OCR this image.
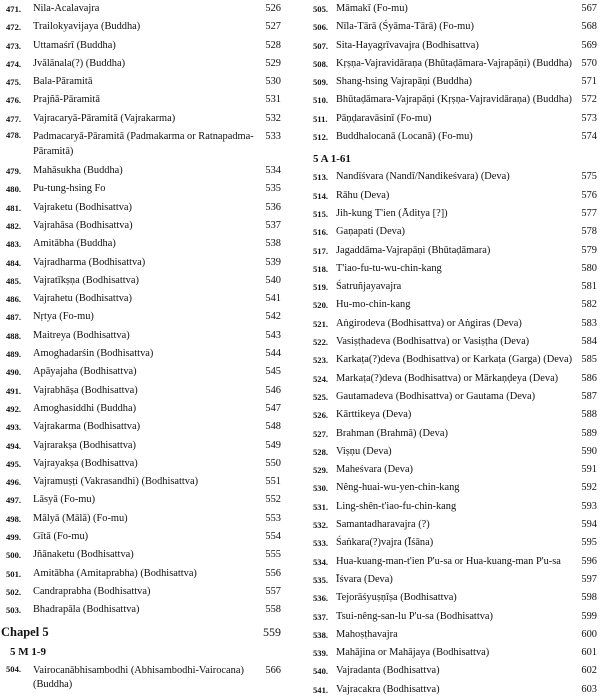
471. Nila-Acalavajra	526
472. Trailokyavijaya (Buddha)	527
473. Uttamaśrī (Buddha)	528
474. Jvālānala(?) (Buddha)	529
475. Bala-Pāramitā	530
476. Prajñā-Pāramitā	531
477. Vajracaryā-Pāramitā (Vajrakarma)	532
478. Padmacaryā-Pāramitā (Padmakarma or Ratnapadma-Pāramitā)
533
479. Mahāsukha (Buddha)	534
480. Pu-tung-hsing Fo	535
481. Vajraketu (Bodhisattva)	536
482. Vajrahāsa (Bodhisattva)	537
483. Amitābha (Buddha)	538
484. Vajradharma (Bodhisattva)	539
485. Vajratīkṣṇa (Bodhisattva)	540
486. Vajrahetu (Bodhisattva)	541
487. Nṛtya (Fo-mu)	542
488. Maitreya (Bodhisattva)	543
489. Amoghadarśin (Bodhisattva)	544
490. Apāyajaha (Bodhisattva)	545
491. Vajrabhāṣa (Bodhisattva)	546
492. Amoghasiddhi (Buddha)	547
493. Vajrakarma (Bodhisattva)	548
494. Vajrarakṣa (Bodhisattva)	549
495. Vajrayakṣa (Bodhisattva)	550
496. Vajramuṣṭi (Vakrasandhi) (Bodhisattva)	551
497. Lāsyā (Fo-mu)	552
498. Mālyā (Mālā) (Fo-mu)	553
499. Gītā (Fo-mu)	554
500. Jñānaketu (Bodhisattva)	555
501. Amitābha (Amitaprabha) (Bodhisattva)	556
502. Candraprabha (Bodhisattva)	557
503. Bhadrapāla (Bodhisattva)	558
Chapel 5	559
5 M 1-9
504. Vairocanābhisambodhi (Abhisambodhi-Vairocana) (Buddha)
566
505. Māmakī (Fo-mu)	567
506. Nīla-Tārā (Śyāma-Tārā) (Fo-mu)	568
507. Sita-Hayagrīvavajra (Bodhisattva)	569
508. Kṛṣṇa-Vajravidāraṇa (Bhūtaḍāmara-Vajrapāṇi) (Buddha) 570
509. Shang-hsing Vajrapāṇi (Buddha)	571
510. Bhūtaḍāmara-Vajrapāṇi (Kṛṣṇa-Vajravidāraṇa) (Buddha) 572
511. Pāṇḍaravāsinī (Fo-mu)	573
512. Buddhalocanā (Locanā) (Fo-mu)	574
5 A 1-61
513. Nandīśvara (Nandī/Nandikeśvara) (Deva)	575
514. Rāhu (Deva)	576
515. Jih-kung T'ien (Āditya [?])	577
516. Gaṇapati (Deva)	578
517. Jagaddāma-Vajrapāṇi (Bhūtaḍāmara)	579
518. T'iao-fu-tu-wu-chin-kang	580
519. Śatruñjayavajra	581
520. Hu-mo-chin-kang	582
521. Aṅgirodeva (Bodhisattva) or Aṅgiras (Deva)	583
522. Vasiṣṭhadeva (Bodhisattva) or Vasiṣṭha (Deva)	584
523. Karkaṭa(?)deva (Bodhisattva) or Karkaṭa (Garga) (Deva) 585
524. Markaṭa(?)deva (Bodhisattva) or Mārkaṇḍeya (Deva)	586
525. Gautamadeva (Bodhisattva) or Gautama (Deva)	587
526. Kārttikeya (Deva)	588
527. Brahman (Brahmā) (Deva)	589
528. Viṣṇu (Deva)	590
529. Maheśvara (Deva)	591
530. Nêng-huai-wu-yen-chin-kang	592
531. Ling-shên-t'iao-fu-chin-kang	593
532. Samantadharavajra (?)	594
533. Śaṅkara(?)vajra (Īśāna)	595
534. Hua-kuang-man-t'ien P'u-sa or Hua-kuang-man P'u-sa	596
535. Īśvara (Deva)	597
536. Tejorāśyuṣṇīṣa (Bodhisattva)	598
537. Tsui-nêng-san-lu P'u-sa (Bodhisattva)	599
538. Mahoṣṭhavajra	600
539. Mahājina or Mahājaya (Bodhisattva)	601
540. Vajradanta (Bodhisattva)	602
541. Vajracakra (Bodhisattva)	603
